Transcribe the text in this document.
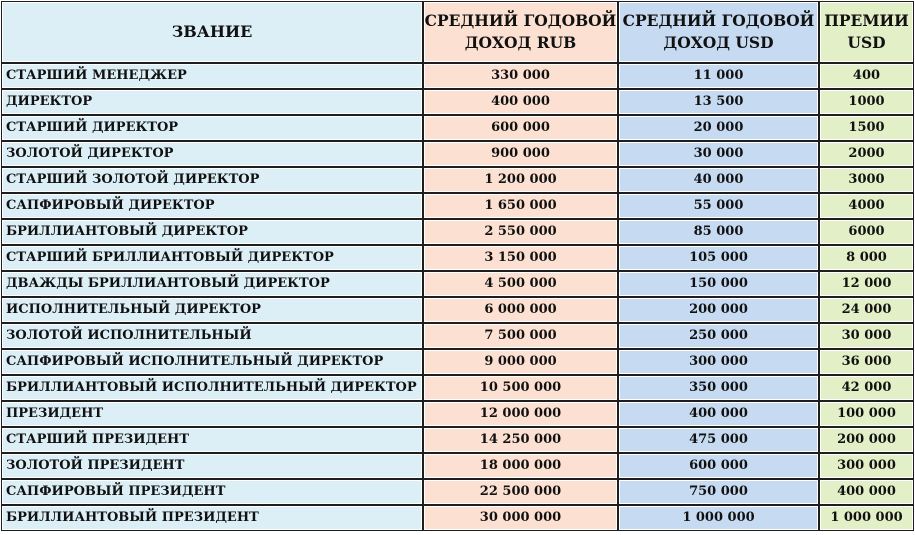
ЗВАНИЕ	СРЕДНИЙ ГОДОВОЙ ДОХОД RUB	СРЕДНИЙ ГОДОВОЙ ДОХОД USD	ПРЕМИИ USD
СТАРШИЙ МЕНЕДЖЕР	330 000	11 000	400
ДИРЕКТОР	400 000	13 500	1000
СТАРШИЙ ДИРЕКТОР	600 000	20 000	1500
ЗОЛОТОЙ ДИРЕКТОР	900 000	30 000	2000
СТАРШИЙ ЗОЛОТОЙ ДИРЕКТОР	1 200 000	40 000	3000
САПФИРОВЫЙ ДИРЕКТОР	1 650 000	55 000	4000
БРИЛЛИАНТОВЫЙ ДИРЕКТОР	2 550 000	85 000	6000
СТАРШИЙ БРИЛЛИАНТОВЫЙ ДИРЕКТОР	3 150 000	105 000	8 000
ДВАЖДЫ БРИЛЛИАНТОВЫЙ ДИРЕКТОР	4 500 000	150 000	12 000
ИСПОЛНИТЕЛЬНЫЙ ДИРЕКТОР	6 000 000	200 000	24 000
ЗОЛОТОЙ ИСПОЛНИТЕЛЬНЫЙ	7 500 000	250 000	30 000
САПФИРОВЫЙ ИСПОЛНИТЕЛЬНЫЙ ДИРЕКТОР	9 000 000	300 000	36 000
БРИЛЛИАНТОВЫЙ ИСПОЛНИТЕЛЬНЫЙ ДИРЕКТОР	10 500 000	350 000	42 000
ПРЕЗИДЕНТ	12 000 000	400 000	100 000
СТАРШИЙ ПРЕЗИДЕНТ	14 250 000	475 000	200 000
ЗОЛОТОЙ ПРЕЗИДЕНТ	18 000 000	600 000	300 000
САПФИРОВЫЙ ПРЕЗИДЕНТ	22 500 000	750 000	400 000
БРИЛЛИАНТОВЫЙ ПРЕЗИДЕНТ	30 000 000	1 000 000	1 000 000
